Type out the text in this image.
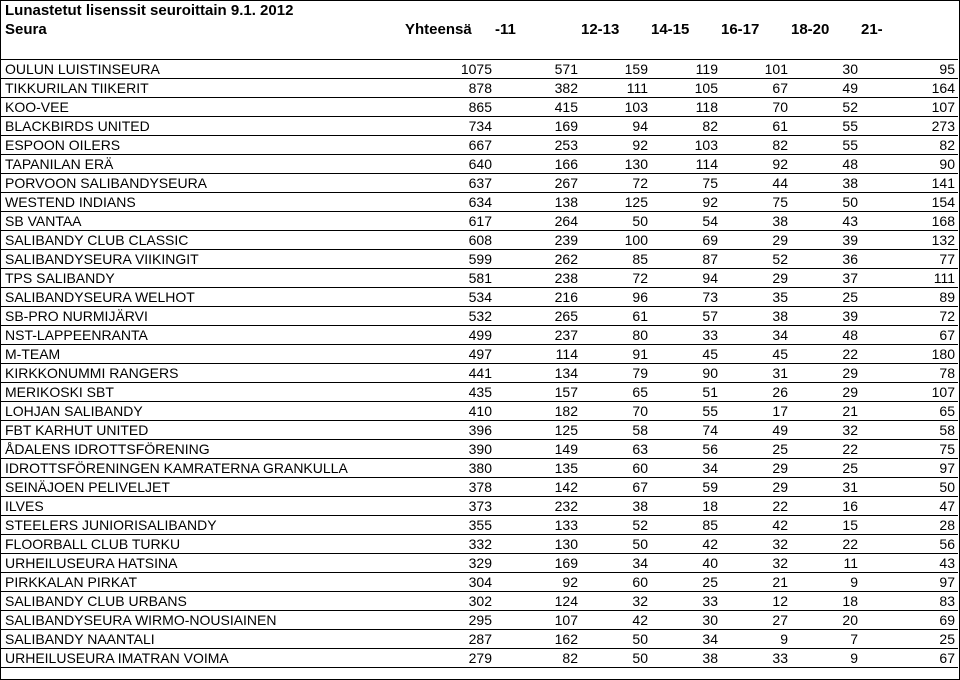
Lunastetut lisenssit seuroittain 9.1. 2012
Seura	Yhteensä	-11	12-13	14-15	16-17	18-20	21-

OULUN LUISTINSEURA	1075	571	159	119	101	30	95
TIKKURILAN TIIKERIT	878	382	111	105	67	49	164
KOO-VEE	865	415	103	118	70	52	107
BLACKBIRDS UNITED	734	169	94	82	61	55	273
ESPOON OILERS	667	253	92	103	82	55	82
TAPANILAN ERÄ	640	166	130	114	92	48	90
PORVOON SALIBANDYSEURA	637	267	72	75	44	38	141
WESTEND INDIANS	634	138	125	92	75	50	154
SB VANTAA	617	264	50	54	38	43	168
SALIBANDY CLUB CLASSIC	608	239	100	69	29	39	132
SALIBANDYSEURA VIIKINGIT	599	262	85	87	52	36	77
TPS SALIBANDY	581	238	72	94	29	37	111
SALIBANDYSEURA WELHOT	534	216	96	73	35	25	89
SB-PRO NURMIJÄRVI	532	265	61	57	38	39	72
NST-LAPPEENRANTA	499	237	80	33	34	48	67
M-TEAM	497	114	91	45	45	22	180
KIRKKONUMMI RANGERS	441	134	79	90	31	29	78
MERIKOSKI SBT	435	157	65	51	26	29	107
LOHJAN SALIBANDY	410	182	70	55	17	21	65
FBT KARHUT UNITED	396	125	58	74	49	32	58
ÅDALENS IDROTTSFÖRENING	390	149	63	56	25	22	75
IDROTTSFÖRENINGEN KAMRATERNA GRANKULLA	380	135	60	34	29	25	97
SEINÄJOEN PELIVELJET	378	142	67	59	29	31	50
ILVES	373	232	38	18	22	16	47
STEELERS JUNIORISALIBANDY	355	133	52	85	42	15	28
FLOORBALL CLUB TURKU	332	130	50	42	32	22	56
URHEILUSEURA HATSINA	329	169	34	40	32	11	43
PIRKKALAN PIRKAT	304	92	60	25	21	9	97
SALIBANDY CLUB URBANS	302	124	32	33	12	18	83
SALIBANDYSEURA WIRMO-NOUSIAINEN	295	107	42	30	27	20	69
SALIBANDY NAANTALI	287	162	50	34	9	7	25
URHEILUSEURA IMATRAN VOIMA	279	82	50	38	33	9	67
